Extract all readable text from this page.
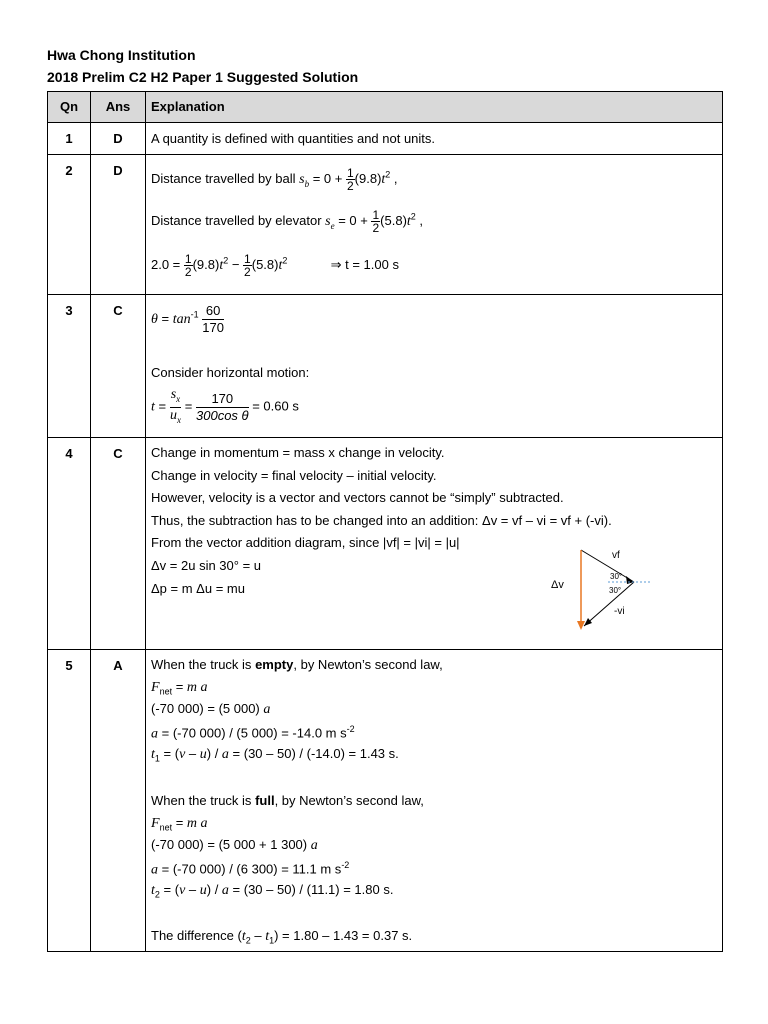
Hwa Chong Institution
2018 Prelim C2 H2 Paper 1 Suggested Solution
Qn	Ans	Explanation
1	D	A quantity is defined with quantities and not units.
2	D
Distance travelled by ball $s_b = 0 + \frac{1}{2} (9.8)t^2$ ,
Distance travelled by elevator $s_e = 0 + \frac{1}{2} (5.8)t^2$ ,
$2.0 = \frac{1}{2} (9.8)t^2 - \frac{1}{2} (5.8)t^2$	⇒ t = 1.00 s
3	C
$\theta = \tan^{-1} \frac{60}{170}$
Consider horizontal motion:
$t = \frac{s_x}{u_x} = \frac{170}{\text{300cos θ}} = 0.60$ s
4	C	Change in momentum = mass x change in velocity.
Change in velocity = final velocity – initial velocity.
However, velocity is a vector and vectors cannot be “simply” subtracted.
Thus, the subtraction has to be changed into an addition: Δv = vf – vi = vf + (-vi).
From the vector addition diagram, since |vf| = |vi| = |u|
Δv = 2u sin 30° = u
Δp = m Δu = mu
vf
Δv
30°
30°
-vi
5	A	When the truck is empty, by Newton’s second law,
$F_{net} = m$ a
(-70 000) = (5 000) a
a = (-70 000) / (5 000) = -14.0 m $s^{-2}$
$t_1 = (v - u) / a = (30 - 50) / (-14.0) = 1.43$ s.
When the truck is full, by Newton’s second law,
$F_{net} = m$ a
(-70 000) = (5 000 + 1 300) a
a = (-70 000) / (6 300) = 11.1 m $s^{-2}$
$t_2 = (v - u) / a = (30 - 50) / (11.1) = 1.80$ s.
The difference $(t_2 - t_1) = 1.80 - 1.43 = 0.37$ s.
